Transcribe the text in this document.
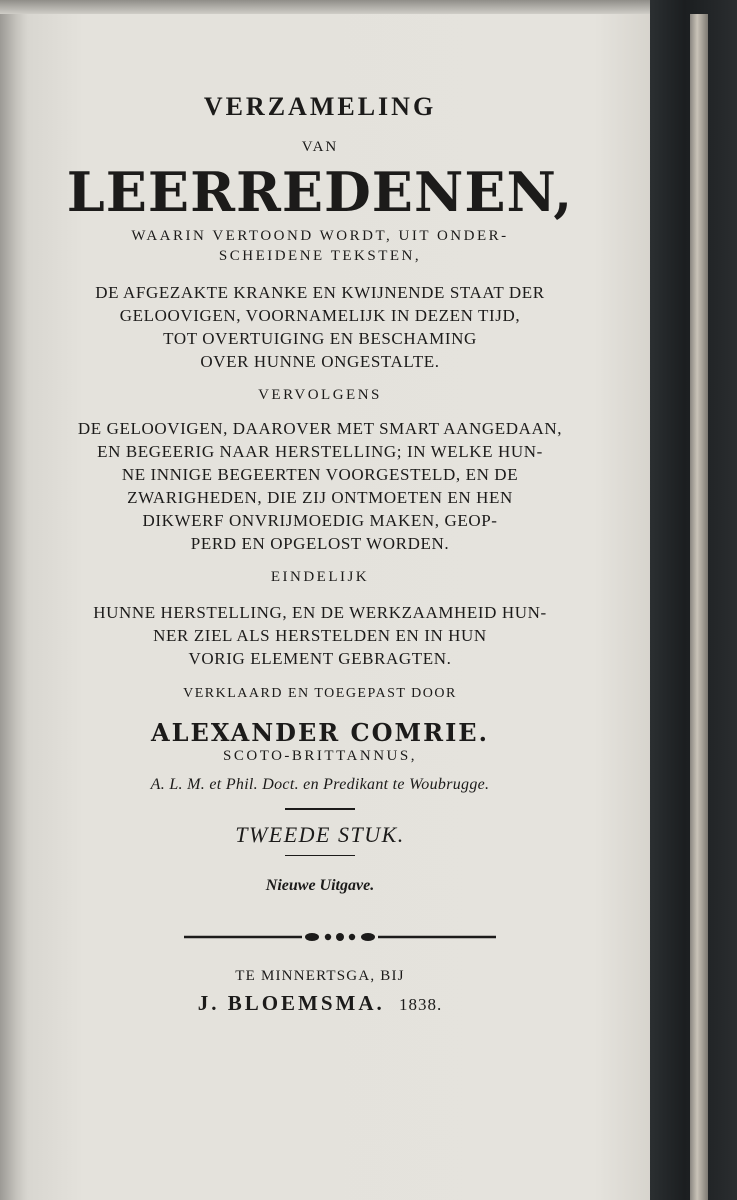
VERZAMELING
VAN
LEERREDENEN,
WAARIN VERTOOND WORDT, UIT ONDER-
SCHEIDENE TEKSTEN,
DE AFGEZAKTE KRANKE EN KWIJNENDE STAAT DER
GELOOVIGEN, VOORNAMELIJK IN DEZEN TIJD,
TOT OVERTUIGING EN BESCHAMING
OVER HUNNE ONGESTALTE.
VERVOLGENS
DE GELOOVIGEN, DAAROVER MET SMART AANGEDAAN,
EN BEGEERIG NAAR HERSTELLING; IN WELKE HUN-
NE INNIGE BEGEERTEN VOORGESTELD, EN DE
ZWARIGHEDEN, DIE ZIJ ONTMOETEN EN HEN
DIKWERF ONVRIJMOEDIG MAKEN, GEOP-
PERD EN OPGELOST WORDEN.
EINDELIJK
HUNNE HERSTELLING, EN DE WERKZAAMHEID HUN-
NER ZIEL ALS HERSTELDEN EN IN HUN
VORIG ELEMENT GEBRAGTEN.
VERKLAARD EN TOEGEPAST DOOR
ALEXANDER COMRIE.
SCOTO-BRITTANNUS,
A. L. M. et Phil. Doct. en Predikant te Woubrugge.
TWEEDE STUK.
Nieuwe Uitgave.
TE MINNERTSGA, BIJ
J. BLOEMSMA. 1838.
